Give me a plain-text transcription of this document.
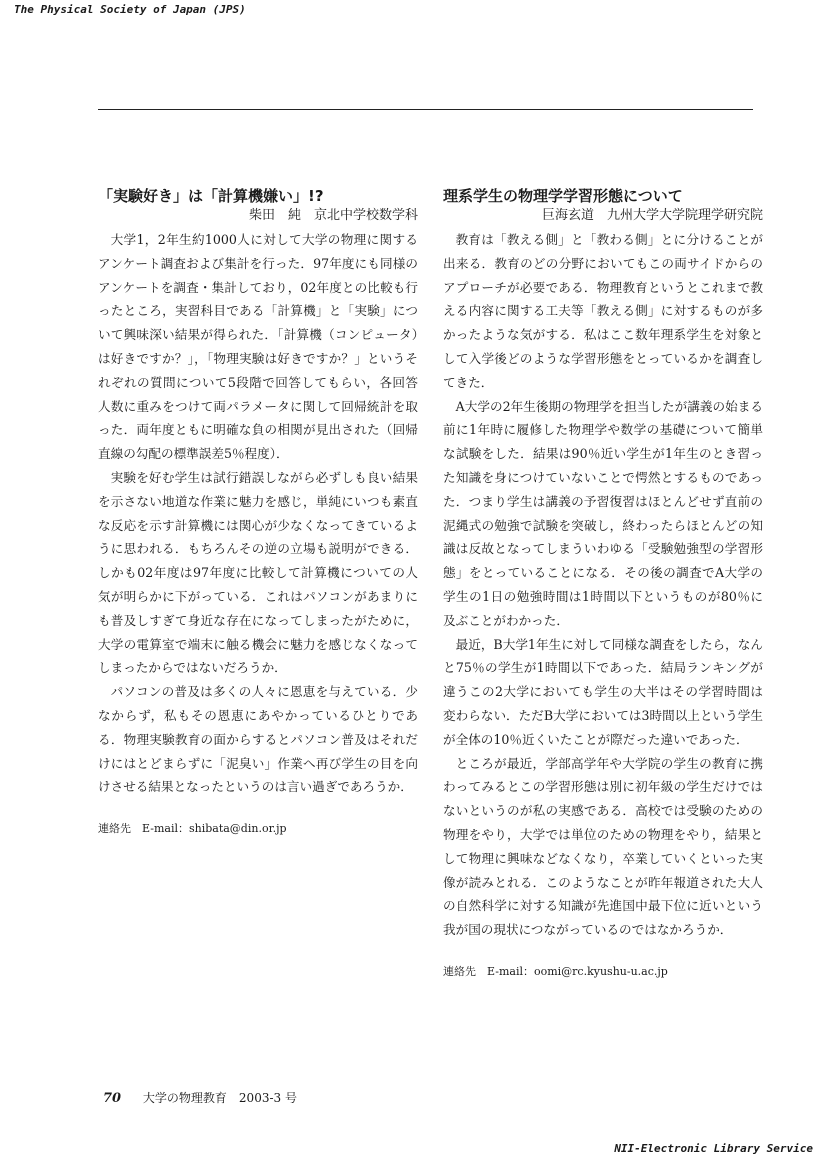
The Physical Society of Japan (JPS)

「実験好き」は「計算機嫌い」!?

柴田　純　京北中学校数学科

大学1，2年生約1000人に対して大学の物理に関するアンケート調査および集計を行った．97年度にも同様のアンケートを調査・集計しており，02年度との比較も行ったところ，実習科目である「計算機」と「実験」について興味深い結果が得られた．「計算機（コンピュータ）は好きですか？」，「物理実験は好きですか？」というそれぞれの質問について5段階で回答してもらい，各回答人数に重みをつけて両パラメータに関して回帰統計を取った．両年度ともに明確な負の相関が見出された（回帰直線の勾配の標準誤差5％程度）．

実験を好む学生は試行錯誤しながら必ずしも良い結果を示さない地道な作業に魅力を感じ，単純にいつも素直な反応を示す計算機には関心が少なくなってきているように思われる．もちろんその逆の立場も説明ができる．しかも02年度は97年度に比較して計算機についての人気が明らかに下がっている．これはパソコンがあまりにも普及しすぎて身近な存在になってしまったがために，大学の電算室で端末に触る機会に魅力を感じなくなってしまったからではないだろうか．

パソコンの普及は多くの人々に恩恵を与えている．少なからず，私もその恩恵にあやかっているひとりである．物理実験教育の面からするとパソコン普及はそれだけにはとどまらずに「泥臭い」作業へ再び学生の目を向けさせる結果となったというのは言い過ぎであろうか．

連絡先　E-mail：shibata@din.or.jp

理系学生の物理学学習形態について

巨海玄道　九州大学大学院理学研究院

教育は「教える側」と「教わる側」とに分けることが出来る．教育のどの分野においてもこの両サイドからのアプローチが必要である．物理教育というとこれまで教える内容に関する工夫等「教える側」に対するものが多かったような気がする．私はここ数年理系学生を対象として入学後どのような学習形態をとっているかを調査してきた．

A大学の2年生後期の物理学を担当したが講義の始まる前に1年時に履修した物理学や数学の基礎について簡単な試験をした．結果は90％近い学生が1年生のとき習った知識を身につけていないことで愕然とするものであった．つまり学生は講義の予習復習はほとんどせず直前の泥縄式の勉強で試験を突破し，終わったらほとんどの知識は反故となってしまういわゆる「受験勉強型の学習形態」をとっていることになる．その後の調査でA大学の学生の1日の勉強時間は1時間以下というものが80％に及ぶことがわかった．

最近，B大学1年生に対して同様な調査をしたら，なんと75％の学生が1時間以下であった．結局ランキングが違うこの2大学においても学生の大半はその学習時間は変わらない．ただB大学においては3時間以上という学生が全体の10％近くいたことが際だった違いであった．

ところが最近，学部高学年や大学院の学生の教育に携わってみるとこの学習形態は別に初年級の学生だけではないというのが私の実感である．高校では受験のための物理をやり，大学では単位のための物理をやり，結果として物理に興味などなくなり，卒業していくといった実像が読みとれる．このようなことが昨年報道された大人の自然科学に対する知識が先進国中最下位に近いという我が国の現状につながっているのではなかろうか．

連絡先　E-mail：oomi@rc.kyushu-u.ac.jp
70 大学の物理教育　2003-3 号
NII-Electronic Library Service
